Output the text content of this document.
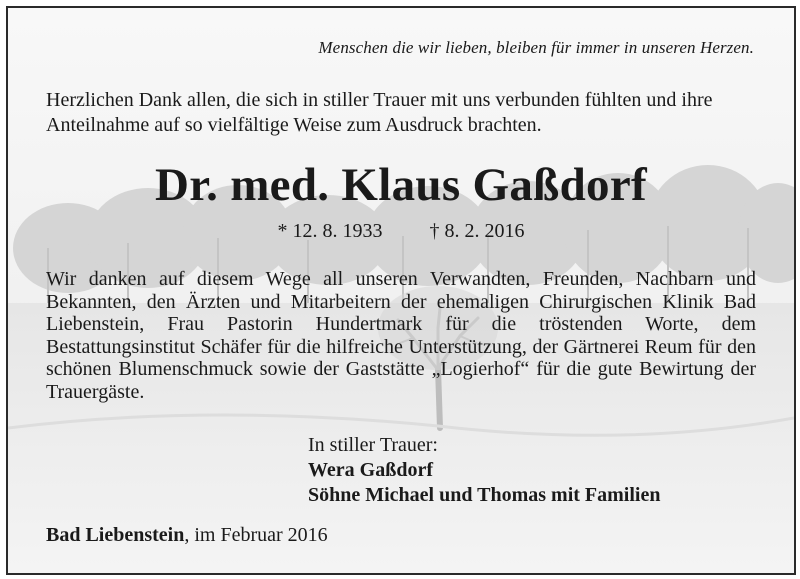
Menschen die wir lieben, bleiben für immer in unseren Herzen.
Herzlichen Dank allen, die sich in stiller Trauer mit uns verbunden fühlten und ihre Anteilnahme auf so vielfältige Weise zum Ausdruck brachten.
Dr. med. Klaus Gaßdorf
* 12. 8. 1933 † 8. 2. 2016
Wir danken auf diesem Wege all unseren Verwandten, Freunden, Nachbarn und Bekannten, den Ärzten und Mitarbeitern der ehemaligen Chirurgischen Klinik Bad Liebenstein, Frau Pastorin Hundertmark für die tröstenden Worte, dem Bestattungsinstitut Schäfer für die hilfreiche Unterstützung, der Gärtnerei Reum für den schönen Blumenschmuck sowie der Gaststätte „Logierhof“ für die gute Bewirtung der Trauergäste.
In stiller Trauer:
Wera Gaßdorf
Söhne Michael und Thomas mit Familien
Bad Liebenstein, im Februar 2016
